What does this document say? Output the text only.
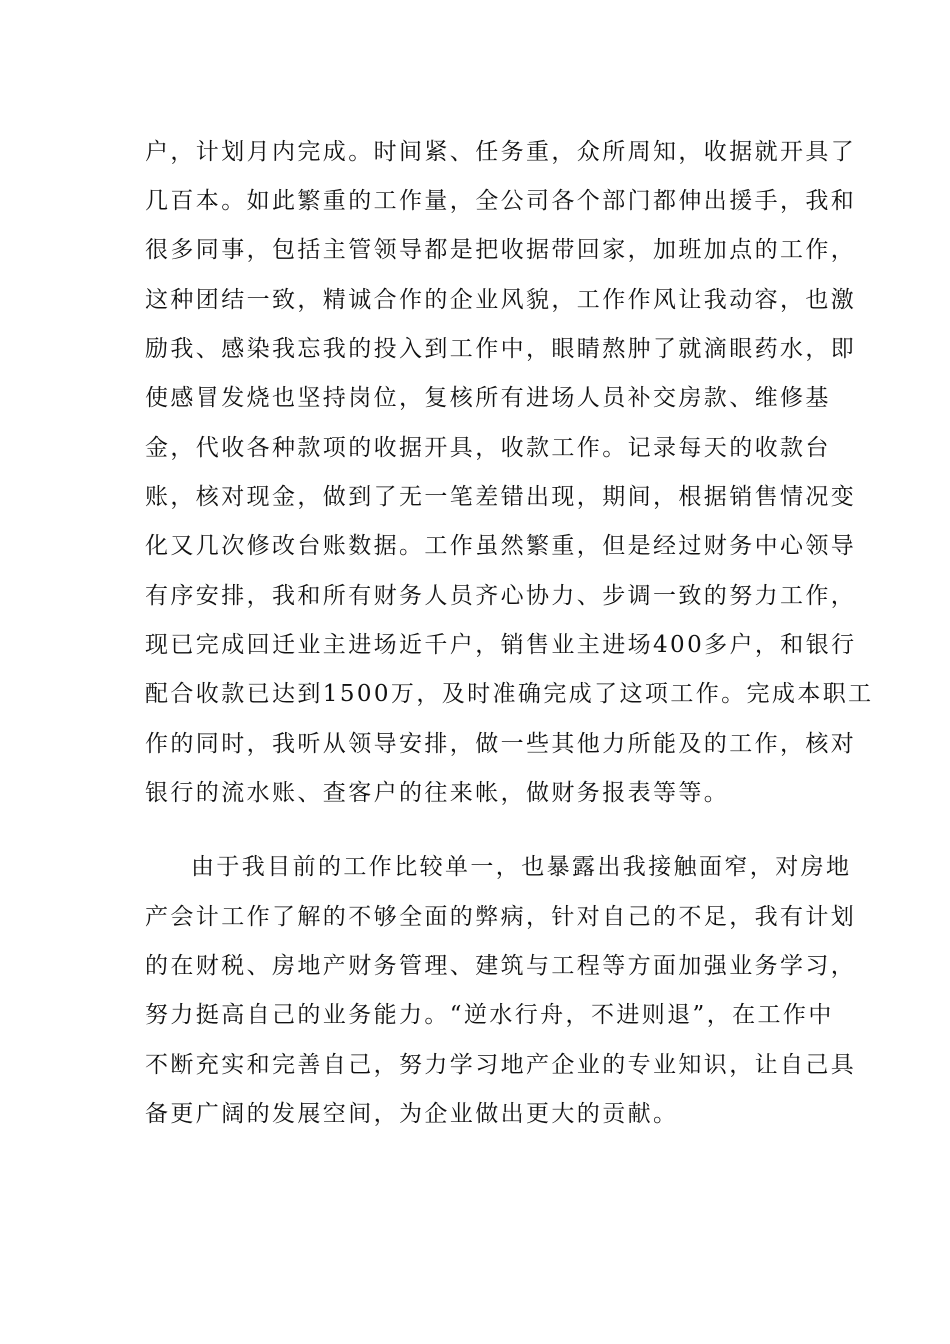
户，计划月内完成。时间紧、任务重，众所周知，收据就开具了
几百本。如此繁重的工作量，全公司各个部门都伸出援手，我和
很多同事，包括主管领导都是把收据带回家，加班加点的工作，
这种团结一致，精诚合作的企业风貌，工作作风让我动容，也激
励我、感染我忘我的投入到工作中，眼睛熬肿了就滴眼药水，即
使感冒发烧也坚持岗位，复核所有进场人员补交房款、维修基
金，代收各种款项的收据开具，收款工作。记录每天的收款台
账，核对现金，做到了无一笔差错出现，期间，根据销售情况变
化又几次修改台账数据。工作虽然繁重，但是经过财务中心领导
有序安排，我和所有财务人员齐心协力、步调一致的努力工作，
现已完成回迁业主进场近千户，销售业主进场400多户，和银行
配合收款已达到1500万，及时准确完成了这项工作。完成本职工
作的同时，我听从领导安排，做一些其他力所能及的工作，核对
银行的流水账、查客户的往来帐，做财务报表等等。
由于我目前的工作比较单一，也暴露出我接触面窄，对房地
产会计工作了解的不够全面的弊病，针对自己的不足，我有计划
的在财税、房地产财务管理、建筑与工程等方面加强业务学习，
努力挺高自己的业务能力。“逆水行舟，不进则退”，在工作中
不断充实和完善自己，努力学习地产企业的专业知识，让自己具
备更广阔的发展空间，为企业做出更大的贡献。
